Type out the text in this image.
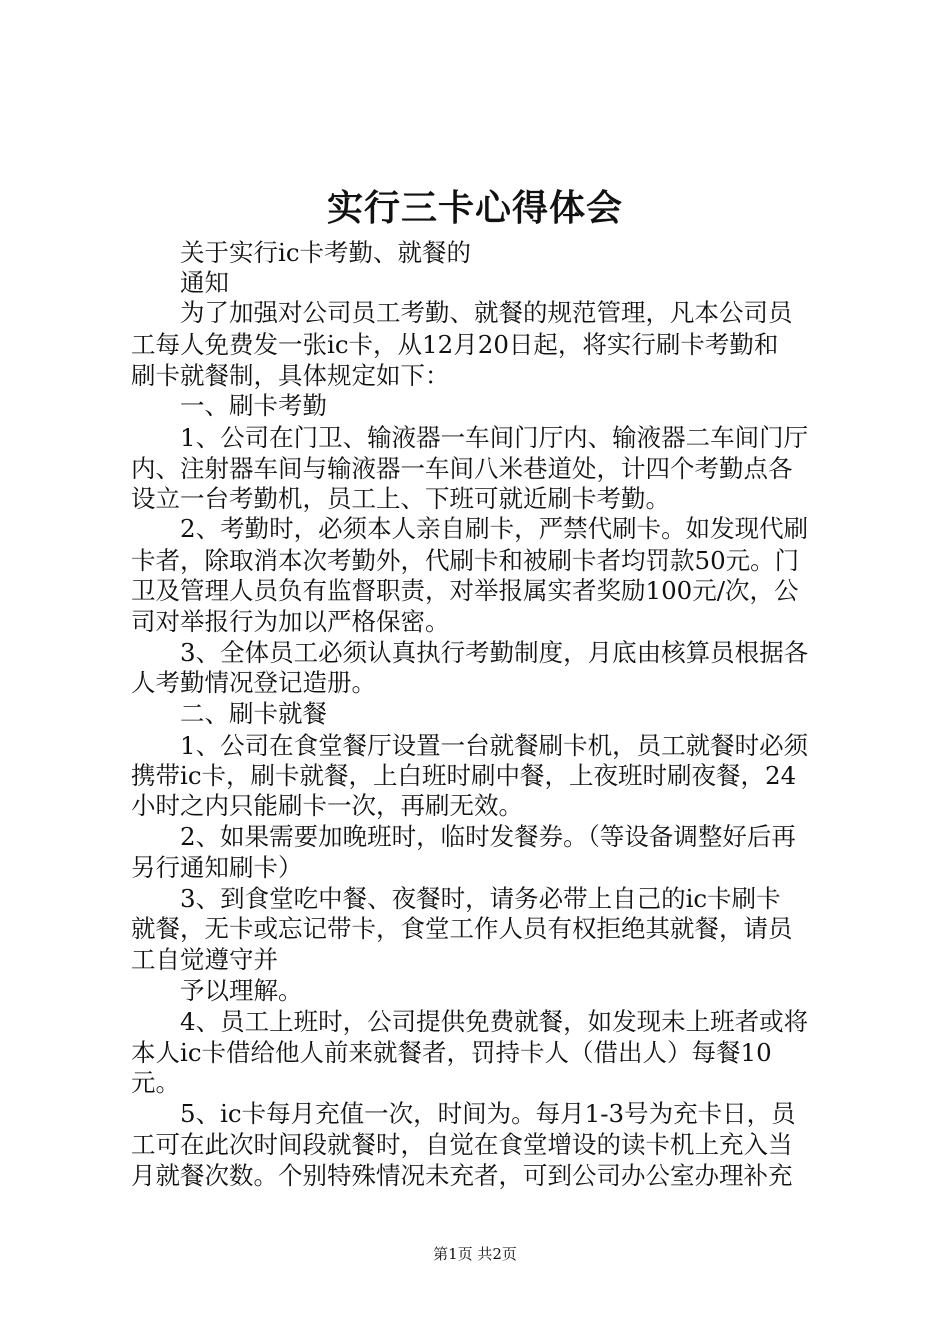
实行三卡心得体会
　　关于实行ic卡考勤、就餐的
　　通知
　　为了加强对公司员工考勤、就餐的规范管理，凡本公司员
工每人免费发一张ic卡，从12月20日起，将实行刷卡考勤和
刷卡就餐制，具体规定如下：
　　一、刷卡考勤
　　1、公司在门卫、输液器一车间门厅内、输液器二车间门厅
内、注射器车间与输液器一车间八米巷道处，计四个考勤点各
设立一台考勤机，员工上、下班可就近刷卡考勤。
　　2、考勤时，必须本人亲自刷卡，严禁代刷卡。如发现代刷
卡者，除取消本次考勤外，代刷卡和被刷卡者均罚款50元。门
卫及管理人员负有监督职责，对举报属实者奖励100元/次，公
司对举报行为加以严格保密。
　　3、全体员工必须认真执行考勤制度，月底由核算员根据各
人考勤情况登记造册。
　　二、刷卡就餐
　　1、公司在食堂餐厅设置一台就餐刷卡机，员工就餐时必须
携带ic卡，刷卡就餐，上白班时刷中餐，上夜班时刷夜餐，24
小时之内只能刷卡一次，再刷无效。
　　2、如果需要加晚班时，临时发餐券。（等设备调整好后再
另行通知刷卡）
　　3、到食堂吃中餐、夜餐时，请务必带上自己的ic卡刷卡
就餐，无卡或忘记带卡，食堂工作人员有权拒绝其就餐，请员
工自觉遵守并
　　予以理解。
　　4、员工上班时，公司提供免费就餐，如发现未上班者或将
本人ic卡借给他人前来就餐者，罚持卡人（借出人）每餐10
元。
　　5、ic卡每月充值一次，时间为。每月1-3号为充卡日，员
工可在此次时间段就餐时，自觉在食堂增设的读卡机上充入当
月就餐次数。个别特殊情况未充者，可到公司办公室办理补充
第1页 共2页
